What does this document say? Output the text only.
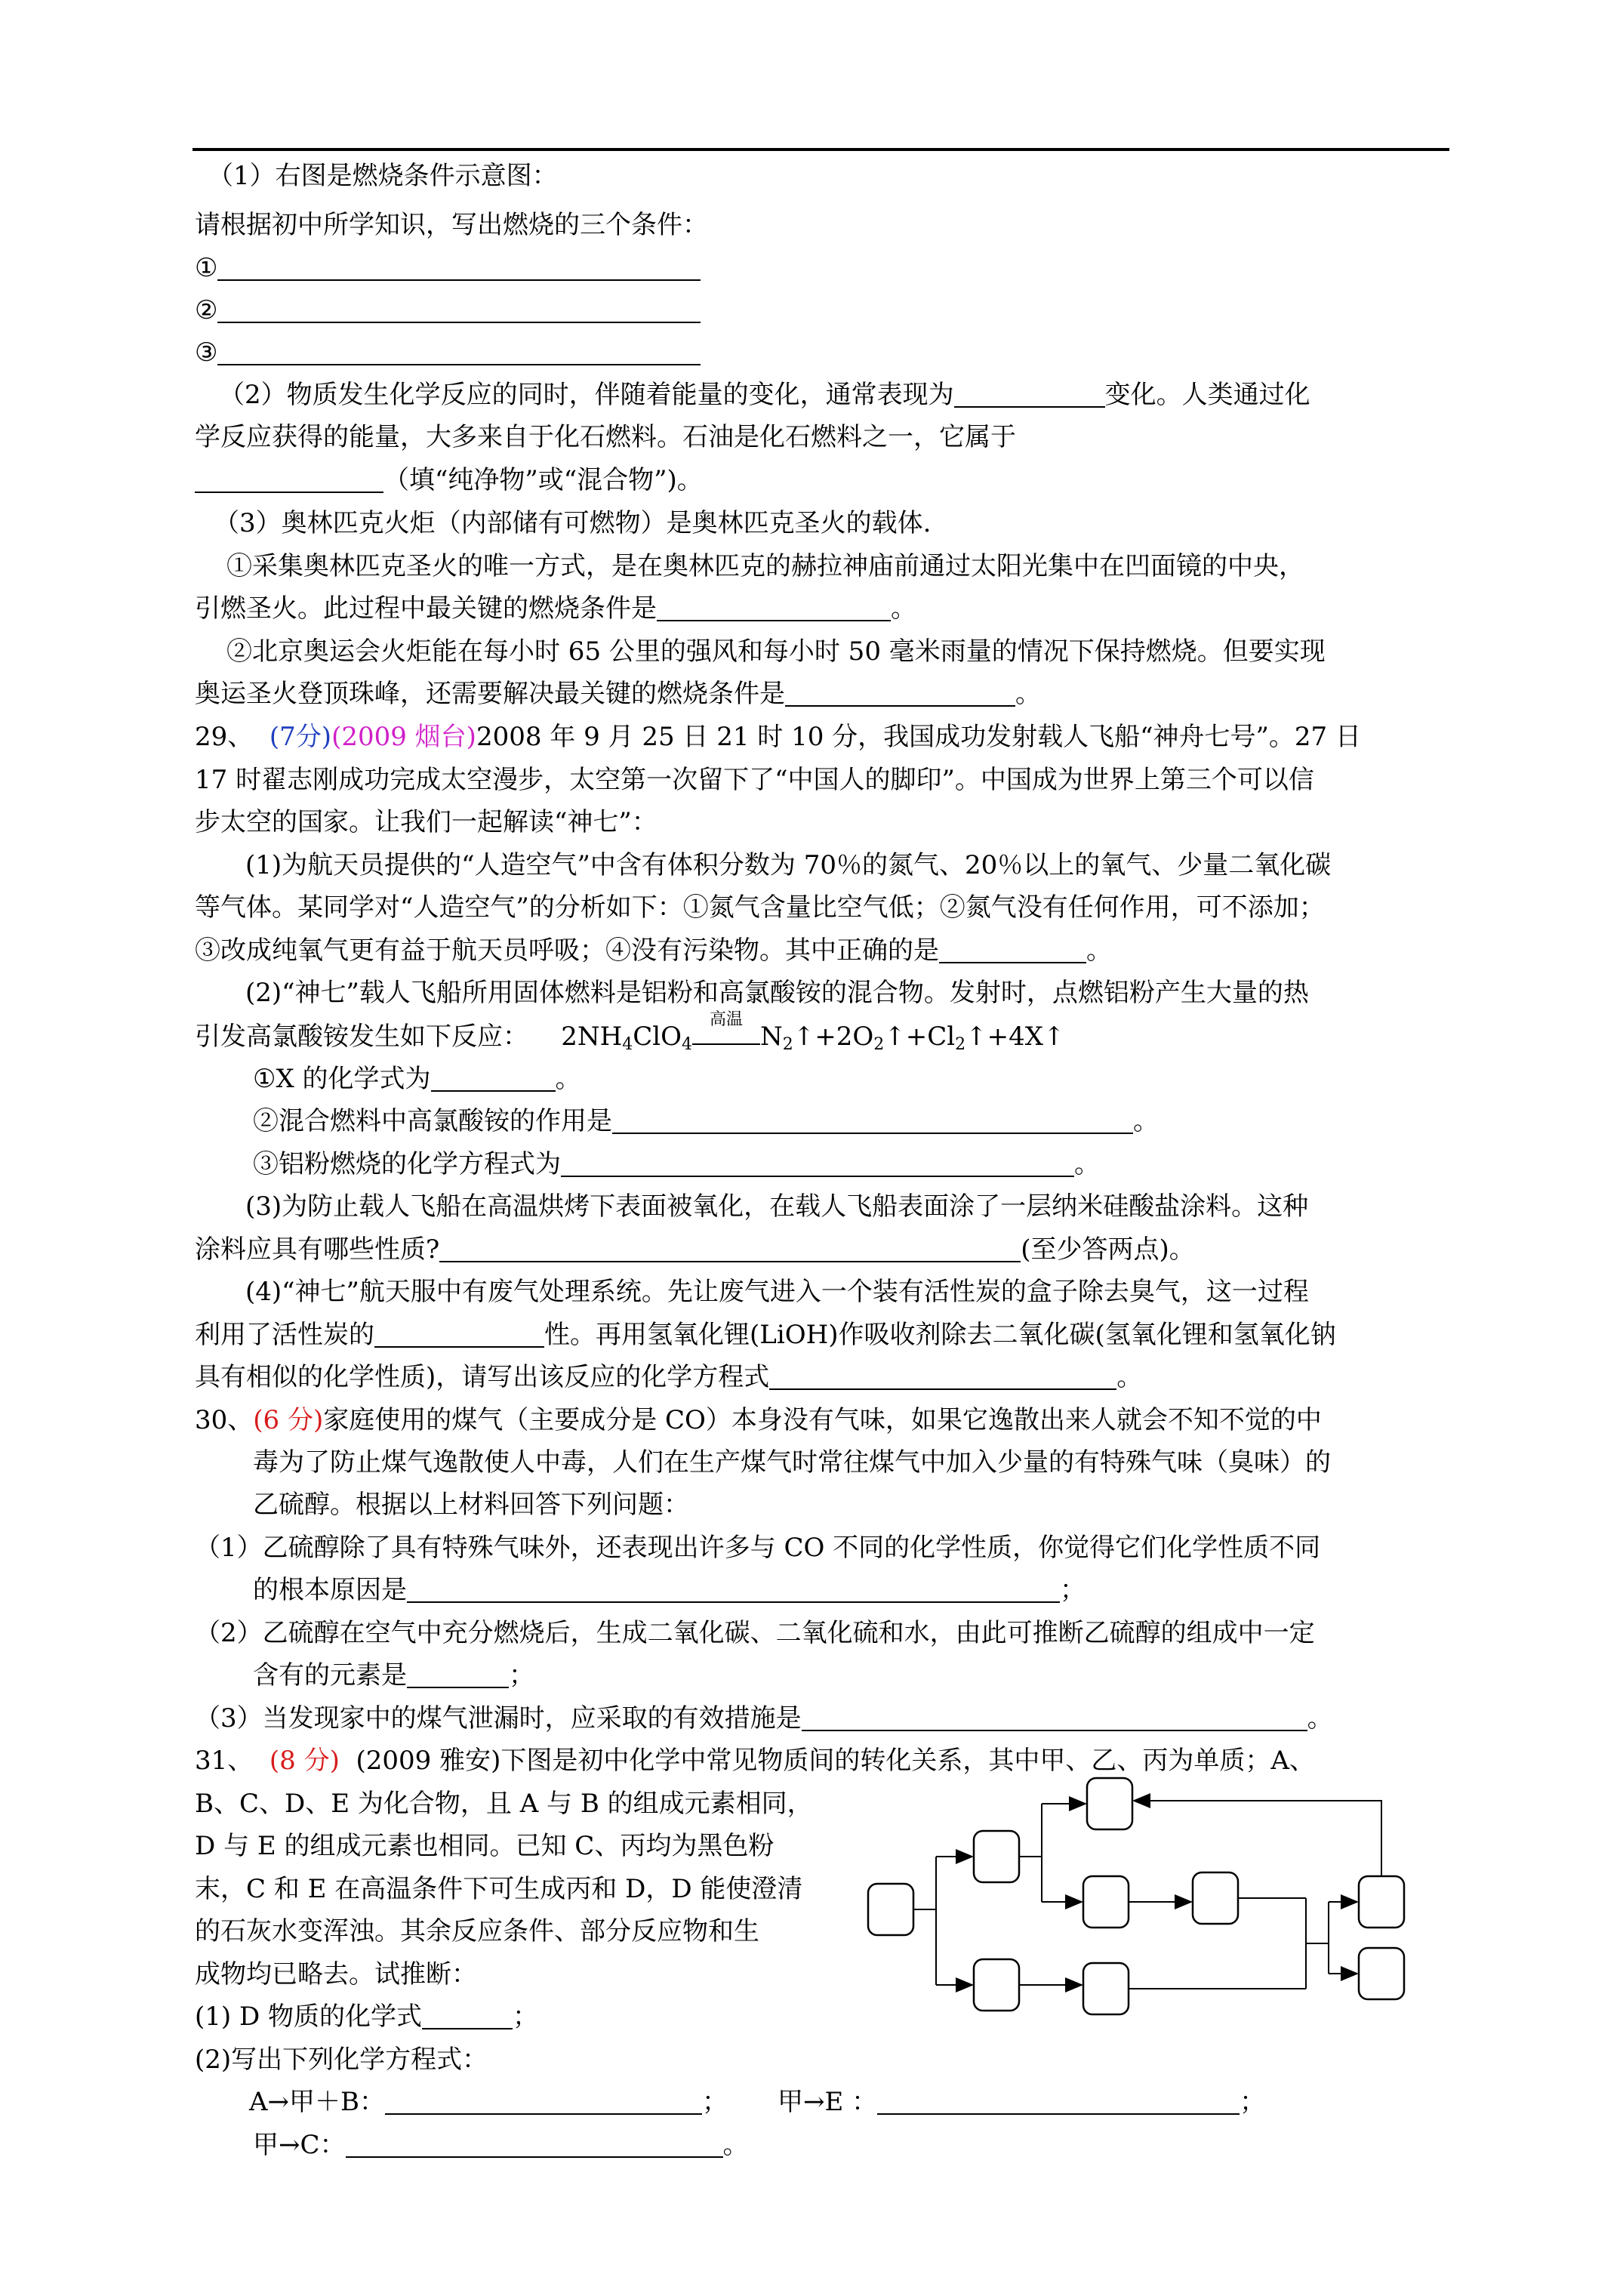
（1）右图是燃烧条件示意图：
请根据初中所学知识，写出燃烧的三个条件：
①
②
③
（2）物质发生化学反应的同时，伴随着能量的变化，通常表现为	变化。人类通过化
学反应获得的能量，大多来自于化石燃料。石油是化石燃料之一，它属于
（填“纯净物”或“混合物”)。
（3）奥林匹克火炬（内部储有可燃物）是奥林匹克圣火的载体.
①采集奥林匹克圣火的唯一方式，是在奥林匹克的赫拉神庙前通过太阳光集中在凹面镜的中央，
引燃圣火。此过程中最关键的燃烧条件是	。
②北京奥运会火炬能在每小时 65 公里的强风和每小时 50 毫米雨量的情况下保持燃烧。但要实现
奥运圣火登顶珠峰，还需要解决最关键的燃烧条件是	。
29、 (7分)(2009 烟台)2008 年 9 月 25 日 21 时 10 分，我国成功发射载人飞船“神舟七号”。27 日
17 时翟志刚成功完成太空漫步，太空第一次留下了“中国人的脚印”。中国成为世界上第三个可以信
步太空的国家。让我们一起解读“神七”：
(1)为航天员提供的“人造空气”中含有体积分数为 70％的氮气、20％以上的氧气、少量二氧化碳
等气体。某同学对“人造空气”的分析如下：①氮气含量比空气低；②氮气没有任何作用，可不添加；
③改成纯氧气更有益于航天员呼吸；④没有污染物。其中正确的是	。
(2)“神七”载人飞船所用固体燃料是铝粉和高氯酸铵的混合物。发射时，点燃铝粉产生大量的热
引发高氯酸铵发生如下反应： $2NH_4ClO_4$
高温
$N_2↑+2O_2↑+Cl_2↑+4X↑$
①X 的化学式为	。
②混合燃料中高氯酸铵的作用是	。
③铝粉燃烧的化学方程式为	。
(3)为防止载人飞船在高温烘烤下表面被氧化，在载人飞船表面涂了一层纳米硅酸盐涂料。这种
涂料应具有哪些性质?	(至少答两点)。
(4)“神七”航天服中有废气处理系统。先让废气进入一个装有活性炭的盒子除去臭气，这一过程
利用了活性炭的	性。再用氢氧化锂(LiOH)作吸收剂除去二氧化碳(氢氧化锂和氢氧化钠
具有相似的化学性质)，请写出该反应的化学方程式	。
30、(6 分)家庭使用的煤气（主要成分是 CO）本身没有气味，如果它逸散出来人就会不知不觉的中
毒为了防止煤气逸散使人中毒，人们在生产煤气时常往煤气中加入少量的有特殊气味（臭味）的
乙硫醇。根据以上材料回答下列问题：
（1）乙硫醇除了具有特殊气味外，还表现出许多与 CO 不同的化学性质，你觉得它们化学性质不同
的根本原因是	；
（2）乙硫醇在空气中充分燃烧后，生成二氧化碳、二氧化硫和水，由此可推断乙硫醇的组成中一定
含有的元素是	；
（3）当发现家中的煤气泄漏时，应采取的有效措施是	。
31、 (8 分) (2009 雅安)下图是初中化学中常见物质间的转化关系，其中甲、乙、丙为单质；A、
B、C、D、E 为化合物，且 A 与 B 的组成元素相同，
D 与 E 的组成元素也相同。已知 C、丙均为黑色粉
末，C 和 E 在高温条件下可生成丙和 D，D 能使澄清
的石灰水变浑浊。其余反应条件、部分反应物和生
成物均已略去。试推断：
(1) D 物质的化学式	；
(2)写出下列化学方程式：
A→甲＋B：	； 甲→E ：	；
甲→C：	。
